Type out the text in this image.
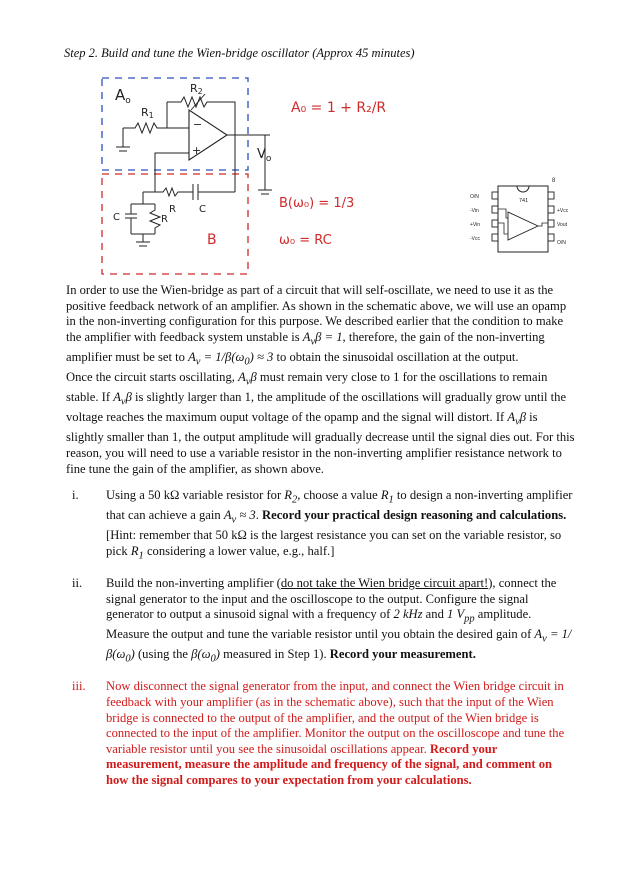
Step 2. Build and tune the Wien-bridge oscillator (Approx 45 minutes)
−
+
$A_o$
R2
R1
$V_o$
R
R
C
C
B
A₀ = 1 + R₂/R₁
B(ω₀) = 1/3
ω₀ = RC
741
8
O/N
-Vin
+Vin
-Vcc
+Vcc
Vout
O/N

In order to use the Wien-bridge as part of a circuit that will self-oscillate, we need to use it as the positive feedback network of an amplifier. As shown in the schematic above, we will use an opamp in the non-inverting configuration for this purpose. We described earlier that the condition to make the amplifier with feedback system unstable is $A_v\beta = 1$, therefore, the gain of the non-inverting amplifier must be set to $A_v = 1/\beta(\omega_0) \approx 3$ to obtain the sinusoidal oscillation at the output.

Once the circuit starts oscillating, $A_v\beta$ must remain very close to 1 for the oscillations to remain stable. If $A_v\beta$ is slightly larger than 1, the amplitude of the oscillations will gradually grow until the voltage reaches the maximum ouput voltage of the opamp and the signal will distort. If $A_v\beta$ is slightly smaller than 1, the output amplitude will gradually decrease until the signal dies out. For this reason, you will need to use a variable resistor in the non-inverting amplifier resistance network to fine tune the gain of the amplifier, as shown above.

i.	Using a 50 kΩ variable resistor for $R_2$, choose a value $R_1$ to design a non-inverting amplifier that can achieve a gain $A_v \approx 3$. Record your practical design reasoning and calculations. [Hint: remember that 50 kΩ is the largest resistance you can set on the variable resistor, so pick $R_1$ considering a lower value, e.g., half.]
ii.	Build the non-inverting amplifier (do not take the Wien bridge circuit apart!), connect the signal generator to the input and the oscilloscope to the output. Configure the signal generator to output a sinusoid signal with a frequency of 2 kHz and 1 $V_{pp}$ amplitude. Measure the output and tune the variable resistor until you obtain the desired gain of $A_v = 1/\beta(\omega_0)$ (using the $\beta(\omega_0)$ measured in Step 1). Record your measurement.
iii.	Now disconnect the signal generator from the input, and connect the Wien bridge circuit in feedback with your amplifier (as in the schematic above), such that the input of the Wien bridge is connected to the output of the amplifier, and the output of the Wien bridge is connected to the input of the amplifier. Monitor the output on the oscilloscope and tune the variable resistor until you see the sinusoidal oscillations appear. Record your measurement, measure the amplitude and frequency of the signal, and comment on how the signal compares to your expectation from your calculations.
